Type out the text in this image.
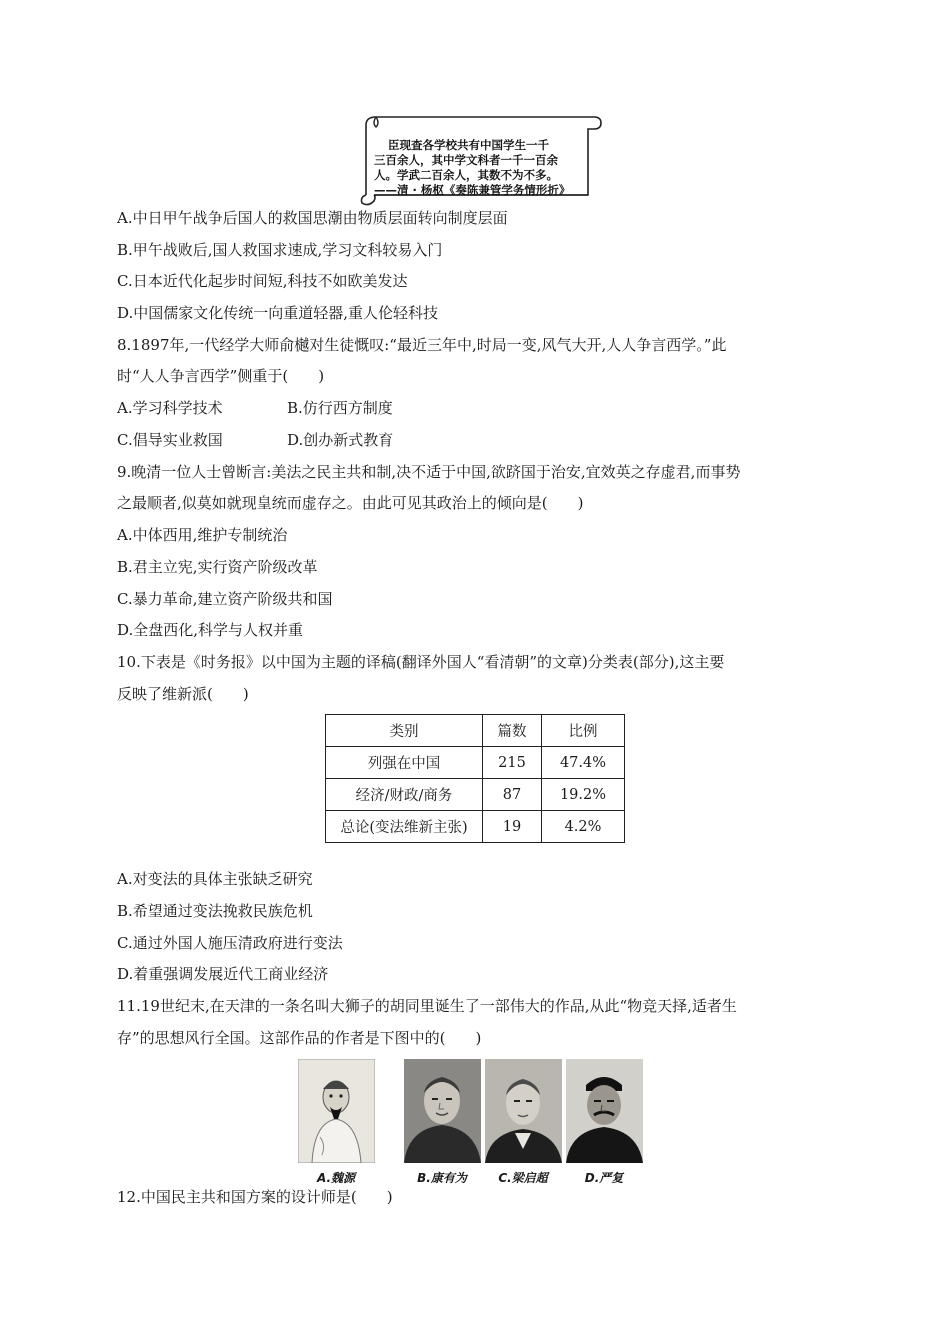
臣现查各学校共有中国学生一千
三百余人，其中学文科者一千一百余
人。学武二百余人，其数不为不多。
——清 · 杨枢《奏陈兼管学务情形折》
A.中日甲午战争后国人的救国思潮由物质层面转向制度层面
B.甲午战败后,国人救国求速成,学习文科较易入门
C.日本近代化起步时间短,科技不如欧美发达
D.中国儒家文化传统一向重道轻器,重人伦轻科技
8.1897年,一代经学大师俞樾对生徒慨叹:“最近三年中,时局一变,风气大开,人人争言西学。”此
时“人人争言西学”侧重于(　　)
A.学习科学技术	B.仿行西方制度
C.倡导实业救国	D.创办新式教育
9.晚清一位人士曾断言:美法之民主共和制,决不适于中国,欲跻国于治安,宜效英之存虚君,而事势
之最顺者,似莫如就现皇统而虚存之。由此可见其政治上的倾向是(　　)
A.中体西用,维护专制统治
B.君主立宪,实行资产阶级改革
C.暴力革命,建立资产阶级共和国
D.全盘西化,科学与人权并重
10.下表是《时务报》以中国为主题的译稿(翻译外国人“看清朝”的文章)分类表(部分),这主要
反映了维新派(　　)
类别	篇数	比例
列强在中国	215	47.4%
经济/财政/商务	87	19.2%
总论(变法维新主张)	19	4.2%
A.对变法的具体主张缺乏研究
B.希望通过变法挽救民族危机
C.通过外国人施压清政府进行变法
D.着重强调发展近代工商业经济
11.19世纪末,在天津的一条名叫大狮子的胡同里诞生了一部伟大的作品,从此“物竞天择,适者生
存”的思想风行全国。这部作品的作者是下图中的(　　)
A.魏源	B.康有为	C.梁启超	D.严复
12.中国民主共和国方案的设计师是(　　)
